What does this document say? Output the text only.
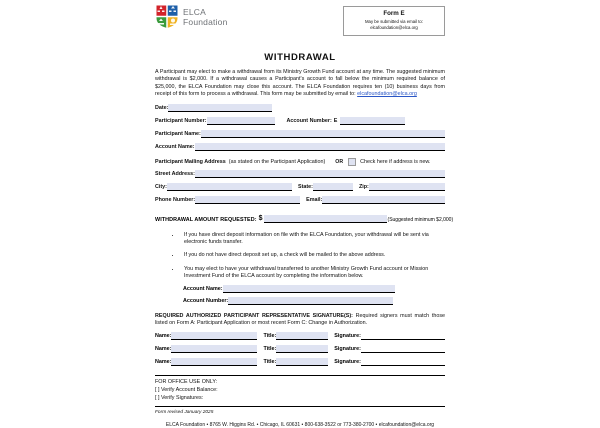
ELCA
Foundation
Form E
May be submitted via email to:
elcafoundation@elca.org
WITHDRAWAL

A Participant may elect to make a withdrawal from its Ministry Growth Fund account at any time. The suggested minimum withdrawal is $2,000. If a withdrawal causes a Participant's account to fall below the minimum required balance of $25,000, the ELCA Foundation may close this account. The ELCA Foundation requires ten (10) business days from receipt of this form to process a withdrawal. This form may be submitted by email to: elcafoundation@elca.org

Date:
Participant Number:	Account Number: E
Participant Name:
Account Name:
Participant Mailing Address (as stated on the Participant Application) OR	Check here if address is new.
Street Address:
City:	State:	Zip:
Phone Number:	Email:
WITHDRAWAL AMOUNT REQUESTED: $	(Suggested minimum $2,000)
• If you have direct deposit information on file with the ELCA Foundation, your withdrawal will be sent via electronic funds transfer.
• If you do not have direct deposit set up, a check will be mailed to the above address.
• You may elect to have your withdrawal transferred to another Ministry Growth Fund account or Mission Investment Fund of the ELCA account by completing the information below.
Account Name:
Account Number:

REQUIRED AUTHORIZED PARTICIPANT REPRESENTATIVE SIGNATURE(S): Required signers must match those listed on Form A: Participant Application or most recent Form C: Change in Authorization.

Name:	Title:	Signature:
Name:	Title:	Signature:
Name:	Title:	Signature:
FOR OFFICE USE ONLY:
[ ] Verify Account Balance:
[ ] Verify Signatures:
Form revised January 2025
ELCA Foundation • 8765 W. Higgins Rd. • Chicago, IL 60631 • 800-638-3522 or 773-380-2700 • elcafoundation@elca.org
